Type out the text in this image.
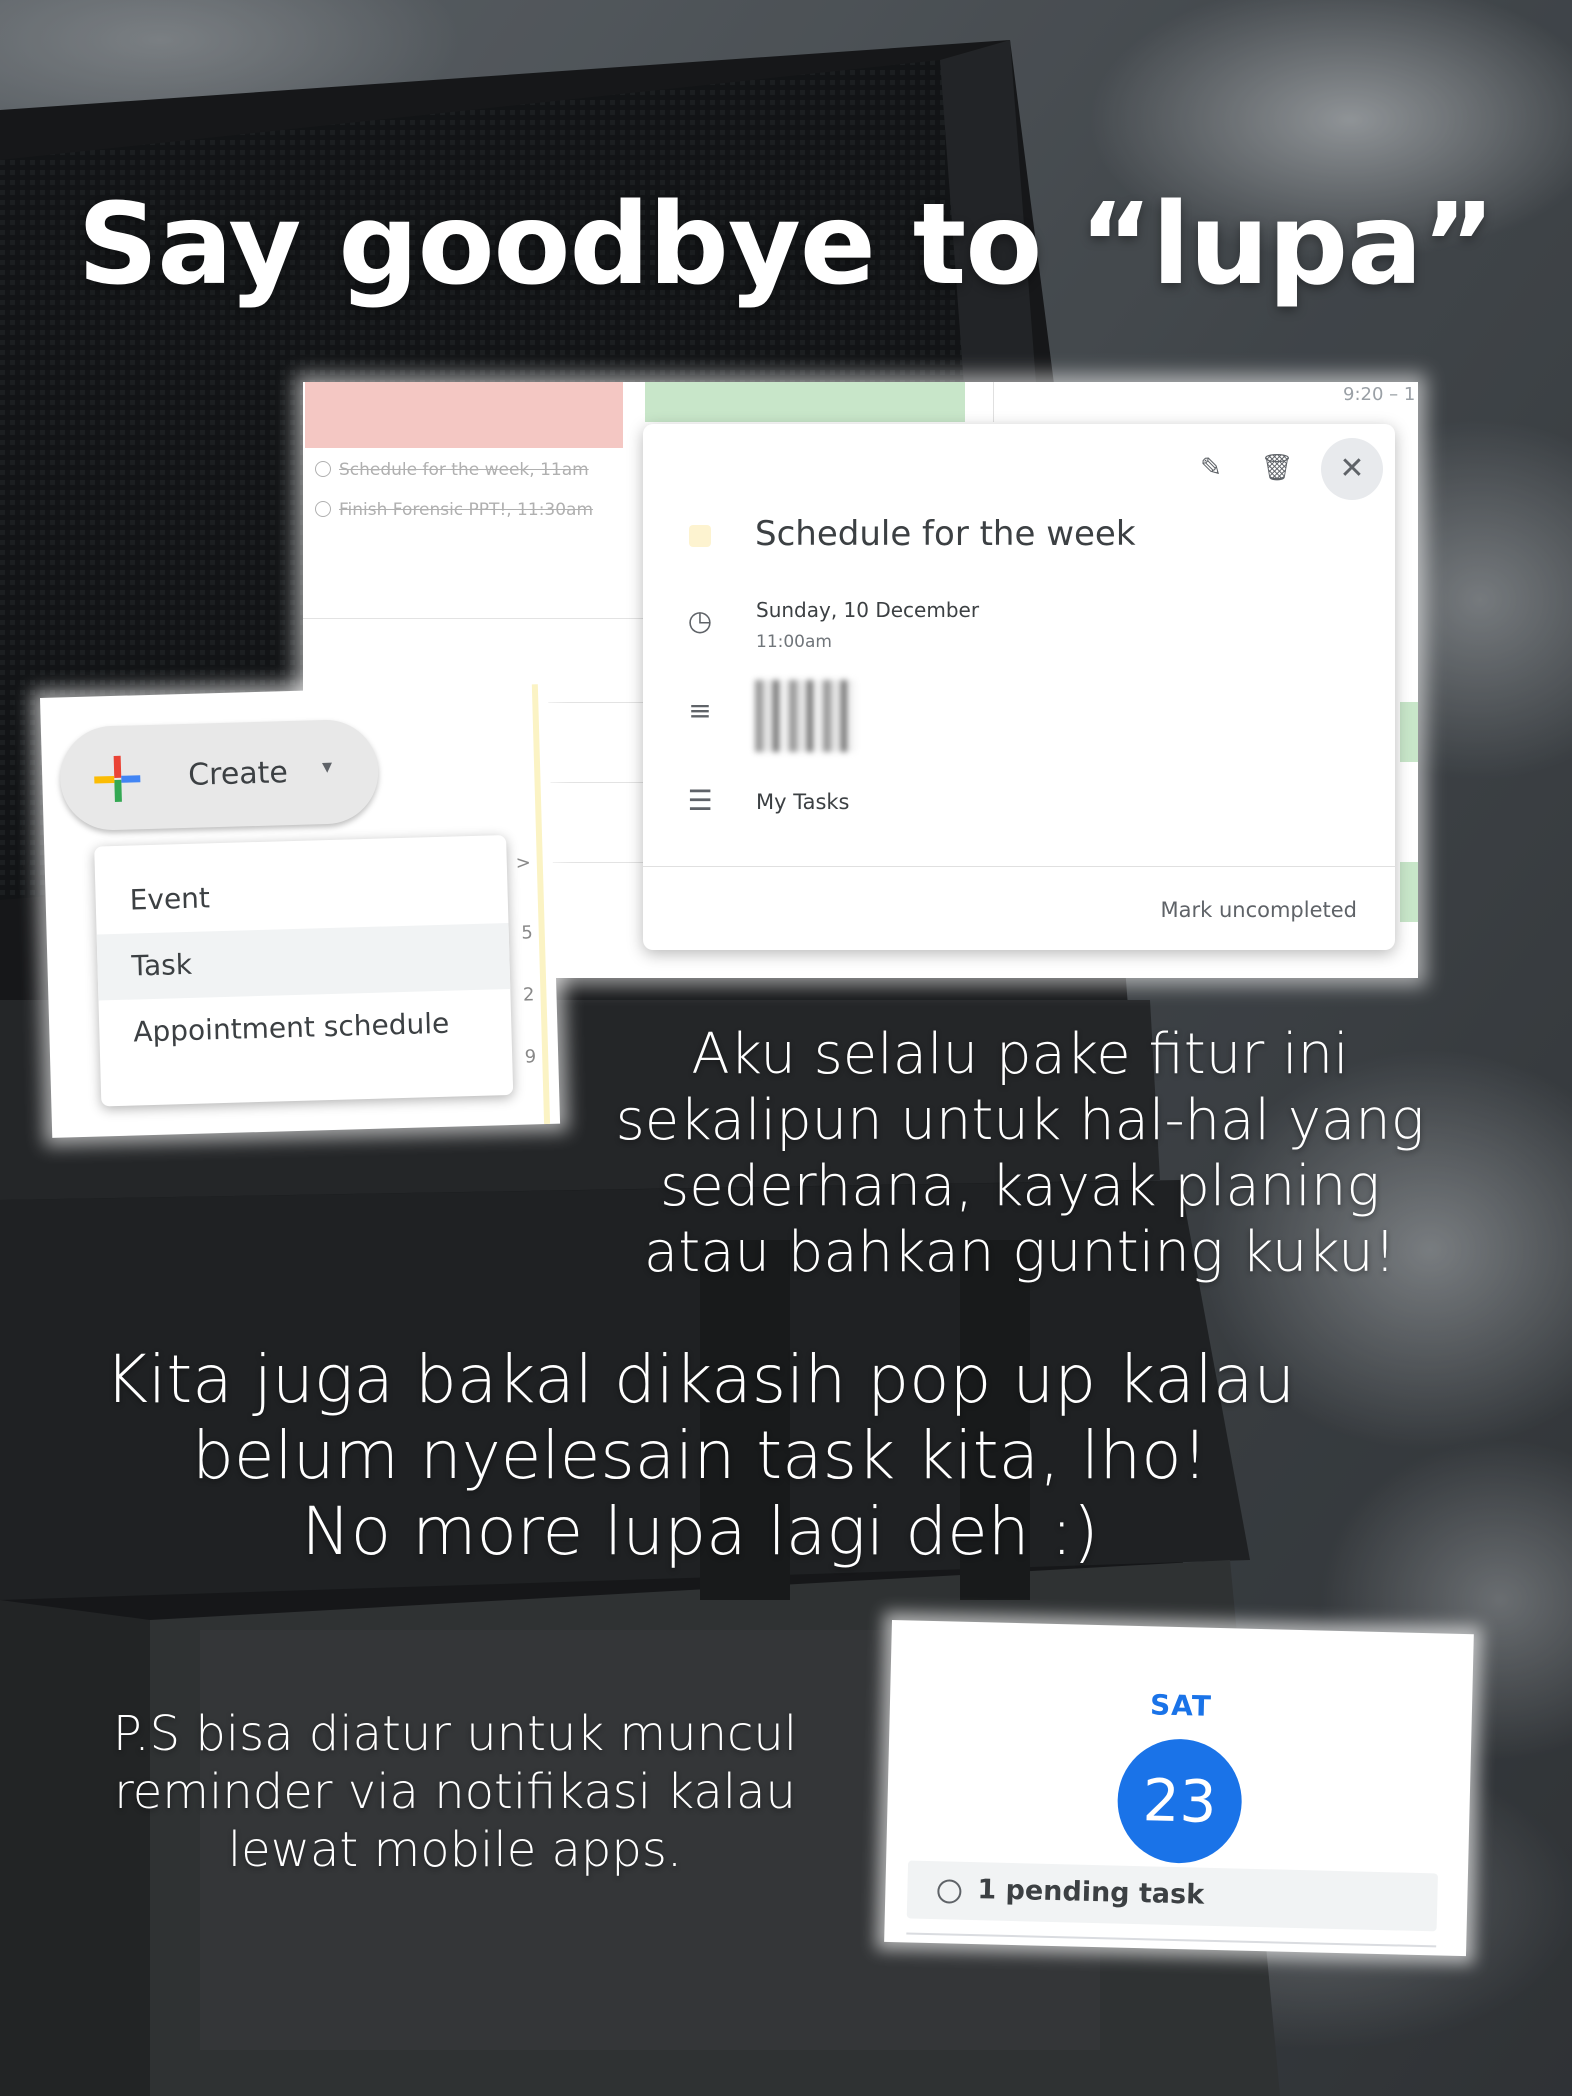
Say goodbye to “lupa”
Schedule for the week, 11am
Finish Forensic PPT!, 11:30am
9:20 – 1
✎	🗑	✕
Schedule for the week
◷ Sunday, 10 December
11:00am
≡
☰ My Tasks
Mark uncompleted
Create ▾
Event
Task
Appointment schedule
>
5
2
9	Aku selalu pake fitur ini
sekalipun untuk hal-hal yang
sederhana, kayak planing
atau bahkan gunting kuku!
Kita juga bakal dikasih pop up kalau
belum nyelesain task kita, lho!
No more lupa lagi deh :)
P.S bisa diatur untuk muncul
reminder via notifikasi kalau
lewat mobile apps.
SAT
23
1 pending task
